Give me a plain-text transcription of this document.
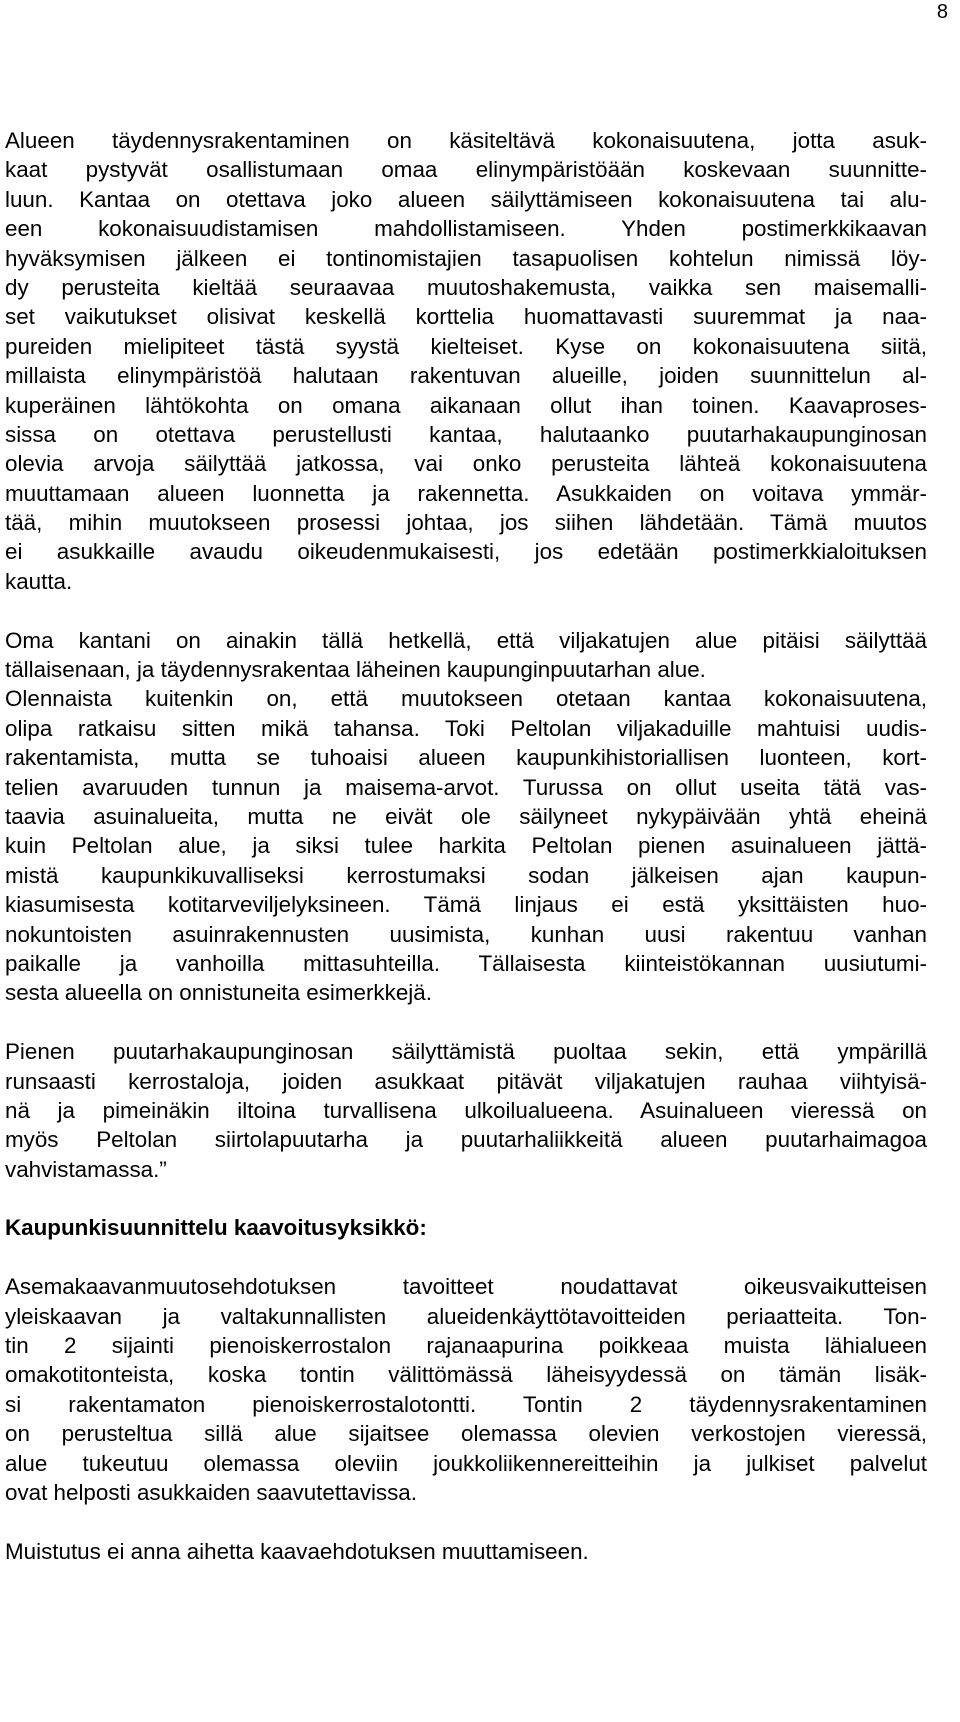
8
Alueen täydennysrakentaminen on käsiteltävä kokonaisuutena, jotta asuk-
kaat pystyvät osallistumaan omaa elinympäristöään koskevaan suunnitte-
luun. Kantaa on otettava joko alueen säilyttämiseen kokonaisuutena tai alu-
een kokonaisuudistamisen mahdollistamiseen. Yhden postimerkkikaavan
hyväksymisen jälkeen ei tontinomistajien tasapuolisen kohtelun nimissä löy-
dy perusteita kieltää seuraavaa muutoshakemusta, vaikka sen maisemalli-
set vaikutukset olisivat keskellä korttelia huomattavasti suuremmat ja naa-
pureiden mielipiteet tästä syystä kielteiset. Kyse on kokonaisuutena siitä,
millaista elinympäristöä halutaan rakentuvan alueille, joiden suunnittelun al-
kuperäinen lähtökohta on omana aikanaan ollut ihan toinen. Kaavaproses-
sissa on otettava perustellusti kantaa, halutaanko puutarhakaupunginosan
olevia arvoja säilyttää jatkossa, vai onko perusteita lähteä kokonaisuutena
muuttamaan alueen luonnetta ja rakennetta. Asukkaiden on voitava ymmär-
tää, mihin muutokseen prosessi johtaa, jos siihen lähdetään. Tämä muutos
ei asukkaille avaudu oikeudenmukaisesti, jos edetään postimerkkialoituksen
kautta.
Oma kantani on ainakin tällä hetkellä, että viljakatujen alue pitäisi säilyttää
tällaisenaan, ja täydennysrakentaa läheinen kaupunginpuutarhan alue.
Olennaista kuitenkin on, että muutokseen otetaan kantaa kokonaisuutena,
olipa ratkaisu sitten mikä tahansa. Toki Peltolan viljakaduille mahtuisi uudis-
rakentamista, mutta se tuhoaisi alueen kaupunkihistoriallisen luonteen, kort-
telien avaruuden tunnun ja maisema-arvot. Turussa on ollut useita tätä vas-
taavia asuinalueita, mutta ne eivät ole säilyneet nykypäivään yhtä eheinä
kuin Peltolan alue, ja siksi tulee harkita Peltolan pienen asuinalueen jättä-
mistä kaupunkikuvalliseksi kerrostumaksi sodan jälkeisen ajan kaupun-
kiasumisesta kotitarveviljelyksineen. Tämä linjaus ei estä yksittäisten huo-
nokuntoisten asuinrakennusten uusimista, kunhan uusi rakentuu vanhan
paikalle ja vanhoilla mittasuhteilla. Tällaisesta kiinteistökannan uusiutumi-
sesta alueella on onnistuneita esimerkkejä.
Pienen puutarhakaupunginosan säilyttämistä puoltaa sekin, että ympärillä
runsaasti kerrostaloja, joiden asukkaat pitävät viljakatujen rauhaa viihtyisä-
nä ja pimeinäkin iltoina turvallisena ulkoilualueena. Asuinalueen vieressä on
myös Peltolan siirtolapuutarha ja puutarhaliikkeitä alueen puutarhaimagoa
vahvistamassa.”
Kaupunkisuunnittelu kaavoitusyksikkö:
Asemakaavanmuutosehdotuksen tavoitteet noudattavat oikeusvaikutteisen
yleiskaavan ja valtakunnallisten alueidenkäyttötavoitteiden periaatteita. Ton-
tin 2 sijainti pienoiskerrostalon rajanaapurina poikkeaa muista lähialueen
omakotitonteista, koska tontin välittömässä läheisyydessä on tämän lisäk-
si rakentamaton pienoiskerrostalotontti. Tontin 2 täydennysrakentaminen
on perusteltua sillä alue sijaitsee olemassa olevien verkostojen vieressä,
alue tukeutuu olemassa oleviin joukkoliikennereitteihin ja julkiset palvelut
ovat helposti asukkaiden saavutettavissa.
Muistutus ei anna aihetta kaavaehdotuksen muuttamiseen.
